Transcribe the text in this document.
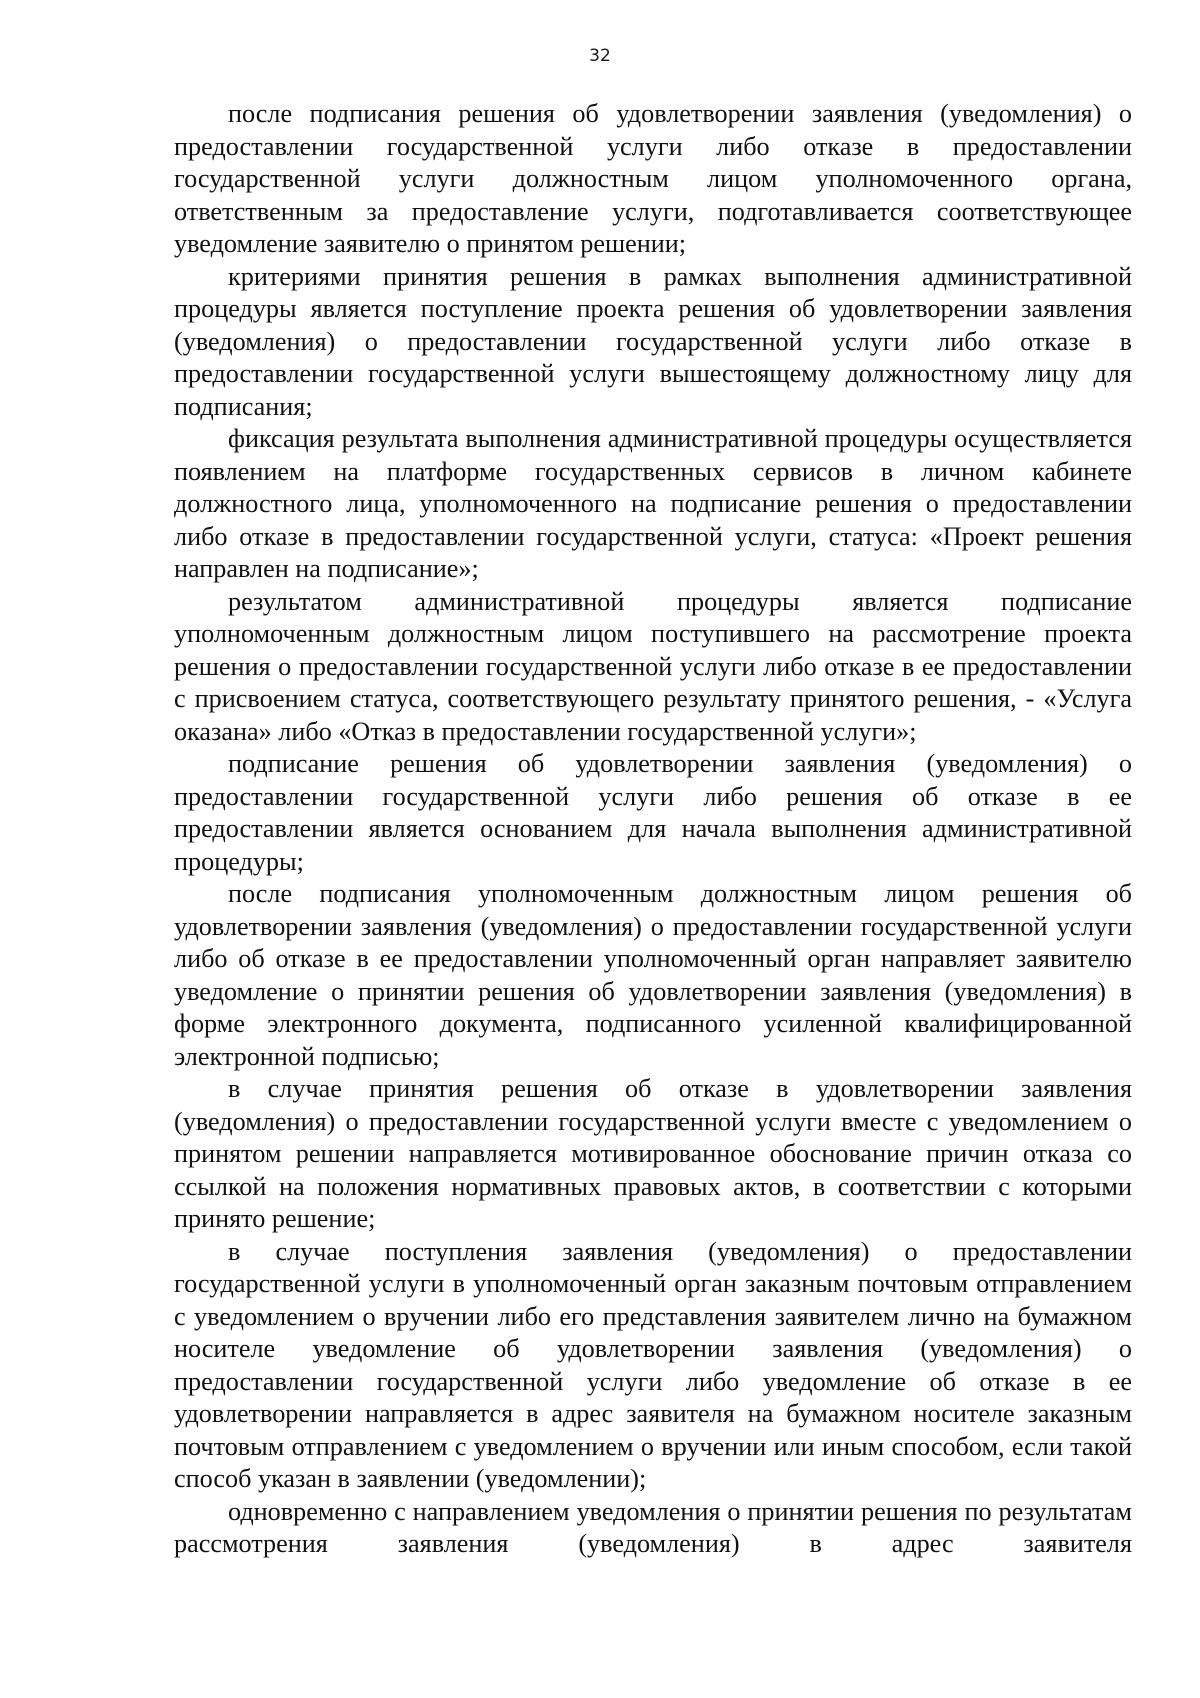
32

после подписания решения об удовлетворении заявления (уведомления) о предоставлении государственной услуги либо отказе в предоставлении государственной услуги должностным лицом уполномоченного органа, ответственным за предоставление услуги, подготавливается соответствующее уведомление заявителю о принятом решении;

критериями принятия решения в рамках выполнения административной процедуры является поступление проекта решения об удовлетворении заявления (уведомления) о предоставлении государственной услуги либо отказе в предоставлении государственной услуги вышестоящему должностному лицу для подписания;

фиксация результата выполнения административной процедуры осуществляется появлением на платформе государственных сервисов в личном кабинете должностного лица, уполномоченного на подписание решения о предоставлении либо отказе в предоставлении государственной услуги, статуса: «Проект решения направлен на подписание»;

результатом административной процедуры является подписание уполномоченным должностным лицом поступившего на рассмотрение проекта решения о предоставлении государственной услуги либо отказе в ее предоставлении с присвоением статуса, соответствующего результату принятого решения, - «Услуга оказана» либо «Отказ в предоставлении государственной услуги»;

подписание решения об удовлетворении заявления (уведомления) о предоставлении государственной услуги либо решения об отказе в ее предоставлении является основанием для начала выполнения административной процедуры;

после подписания уполномоченным должностным лицом решения об удовлетворении заявления (уведомления) о предоставлении государственной услуги либо об отказе в ее предоставлении уполномоченный орган направляет заявителю уведомление о принятии решения об удовлетворении заявления (уведомления) в форме электронного документа, подписанного усиленной квалифицированной электронной подписью;

в случае принятия решения об отказе в удовлетворении заявления (уведомления) о предоставлении государственной услуги вместе с уведомлением о принятом решении направляется мотивированное обоснование причин отказа со ссылкой на положения нормативных правовых актов, в соответствии с которыми принято решение;

в случае поступления заявления (уведомления) о предоставлении государственной услуги в уполномоченный орган заказным почтовым отправлением с уведомлением о вручении либо его представления заявителем лично на бумажном носителе уведомление об удовлетворении заявления (уведомления) о предоставлении государственной услуги либо уведомление об отказе в ее удовлетворении направляется в адрес заявителя на бумажном носителе заказным почтовым отправлением с уведомлением о вручении или иным способом, если такой способ указан в заявлении (уведомлении);

одновременно с направлением уведомления о принятии решения по результатам рассмотрения заявления (уведомления) в адрес заявителя
